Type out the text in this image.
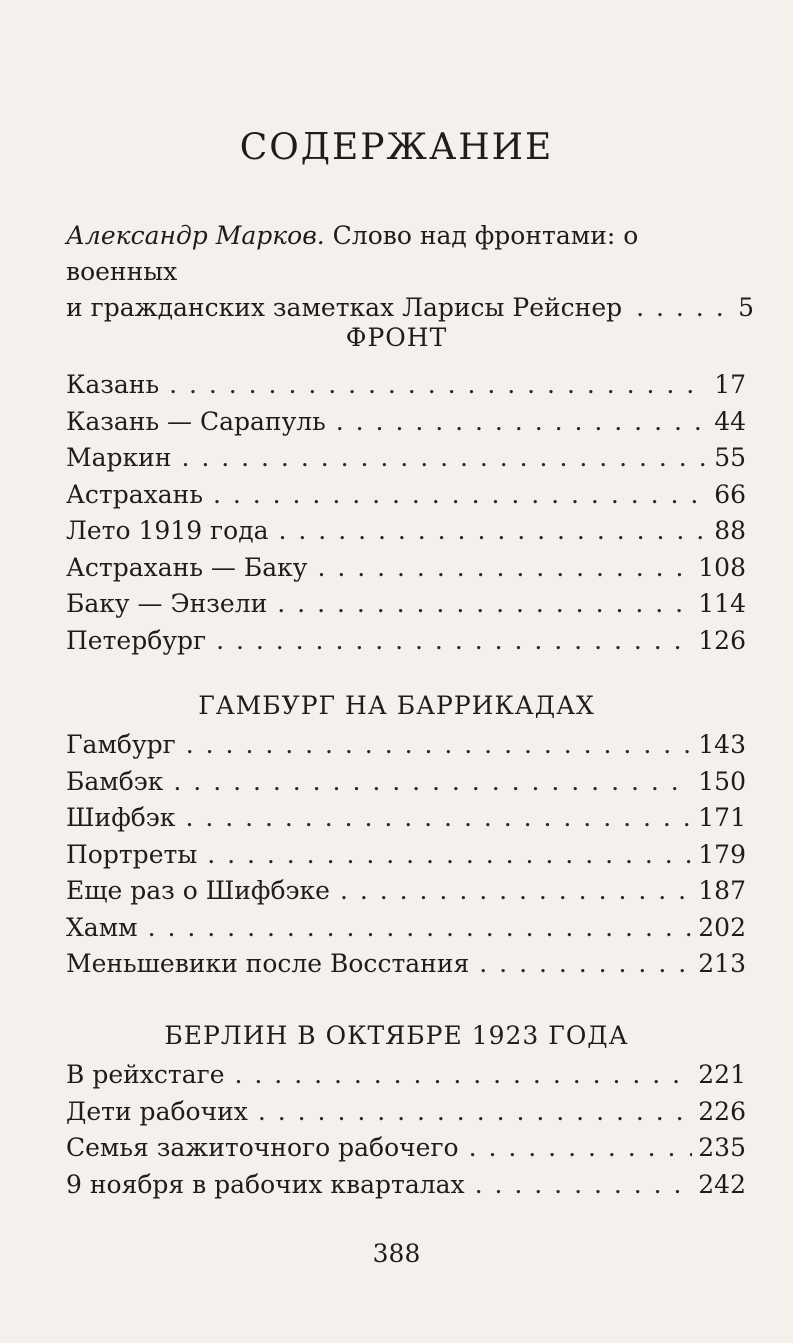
СОДЕРЖАНИЕ
Александр Марков. Слово над фронтами: о военных
и гражданских заметках Ларисы Рейснер . . .	5
ФРОНТ
Казань . . .	17
Казань — Сарапуль . . .	44
Маркин . . .	55
Астрахань . . .	66
Лето 1919 года . . .	88
Астрахань — Баку . . .	108
Баку — Энзели . . .	114
Петербург . . .	126
ГАМБУРГ НА БАРРИКАДАХ
Гамбург . . .	143
Бамбэк . . .	150
Шифбэк . . .	171
Портреты . . .	179
Еще раз о Шифбэке . . .	187
Хамм . . .	202
Меньшевики после Восстания . . .	213
БЕРЛИН В ОКТЯБРЕ 1923 ГОДА
В рейхстаге . . .	221
Дети рабочих . . .	226
Семья зажиточного рабочего . . .	235
9 ноября в рабочих кварталах . . .	242
388
